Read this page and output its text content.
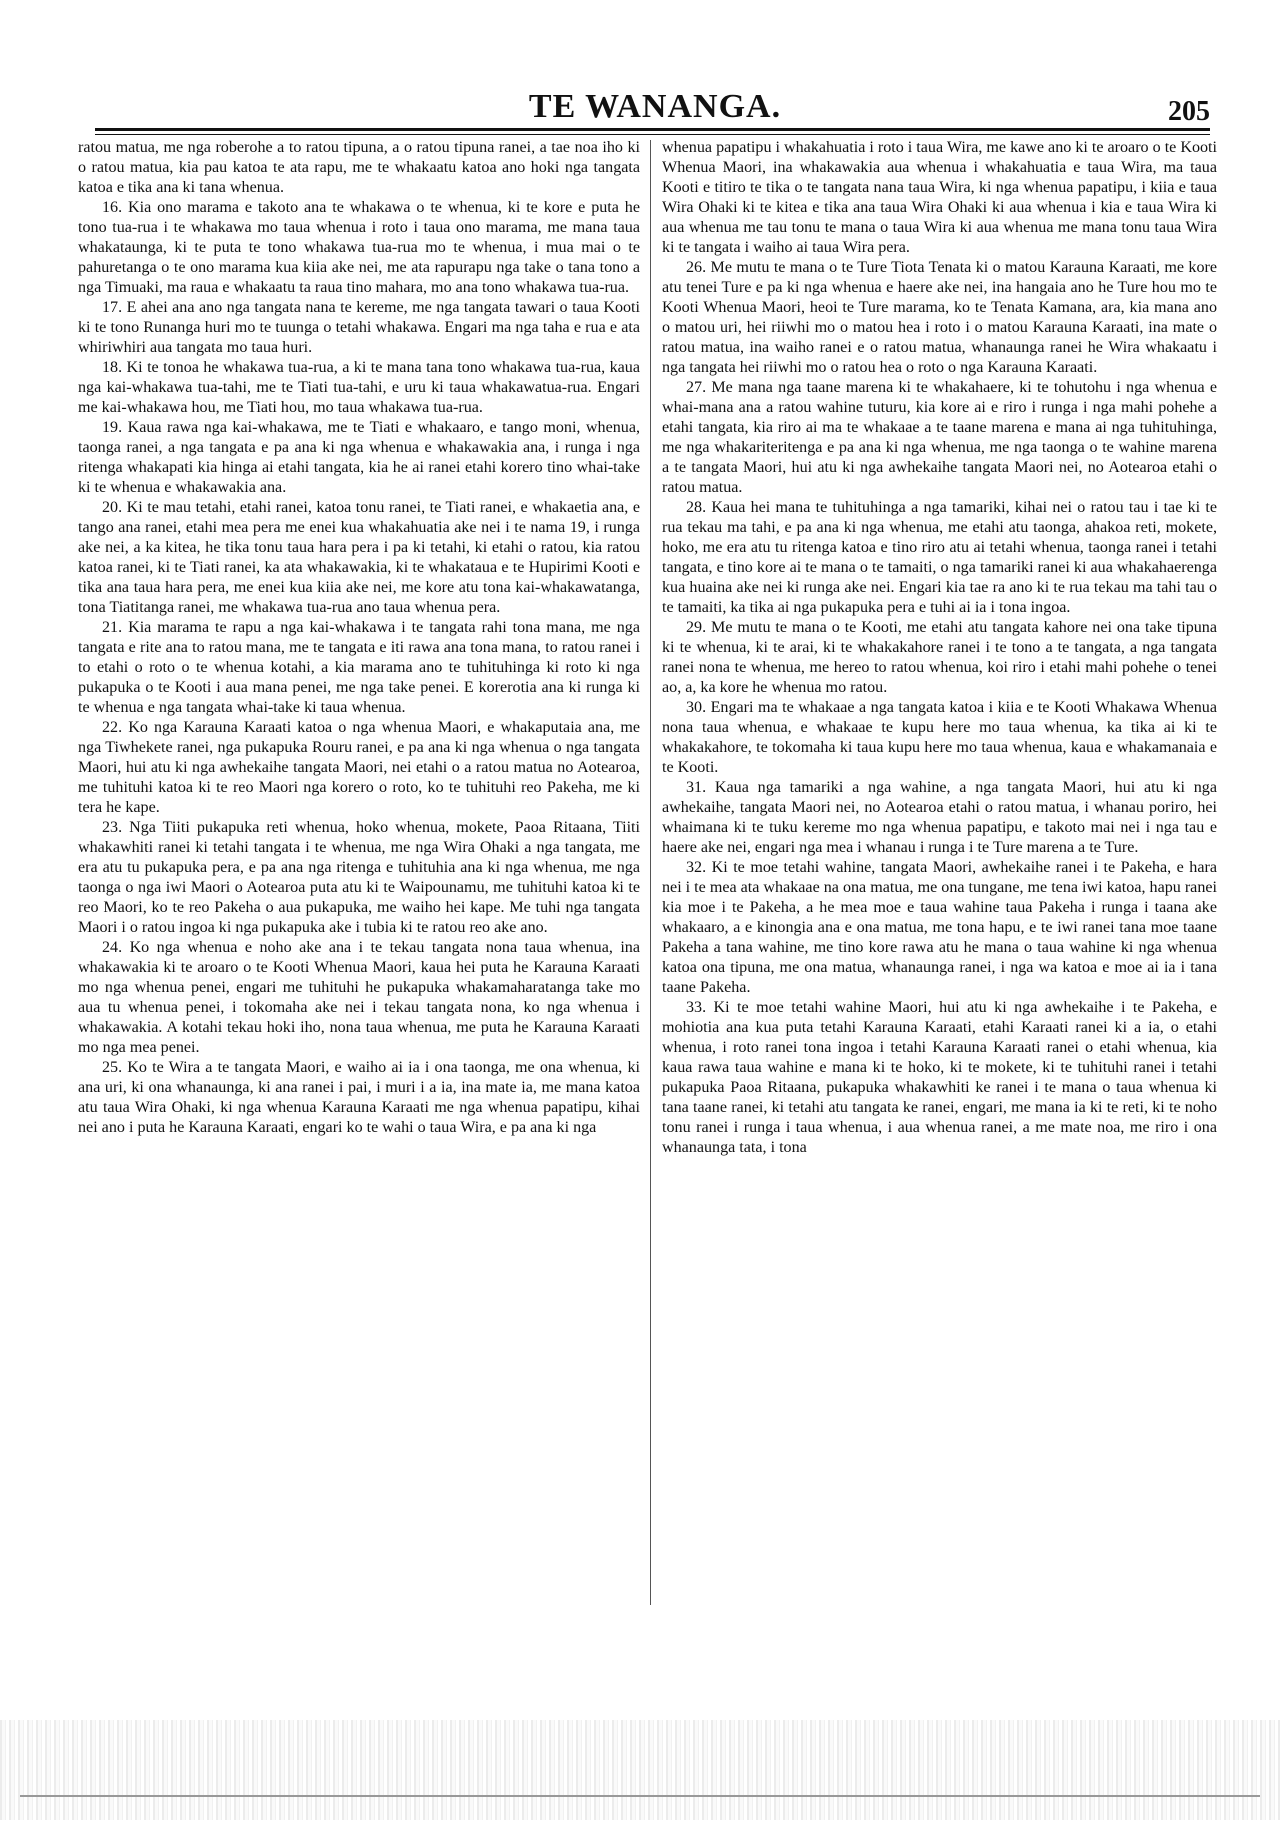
TE WANANGA.	205

ratou matua, me nga roberohe a to ratou tipuna, a o ratou tipuna ranei, a tae noa iho ki o ratou matua, kia pau katoa te ata rapu, me te whakaatu katoa ano hoki nga tangata katoa e tika ana ki tana whenua.

16. Kia ono marama e takoto ana te whakawa o te whenua, ki te kore e puta he tono tua-rua i te whakawa mo taua whenua i roto i taua ono marama, me mana taua whakataunga, ki te puta te tono whakawa tua-rua mo te whenua, i mua mai o te pahuretanga o te ono marama kua kiia ake nei, me ata rapurapu nga take o tana tono a nga Timuaki, ma raua e whakaatu ta raua tino mahara, mo ana tono whakawa tua-rua.

17. E ahei ana ano nga tangata nana te kereme, me nga tangata tawari o taua Kooti ki te tono Runanga huri mo te tuunga o tetahi whakawa. Engari ma nga taha e rua e ata whiriwhiri aua tangata mo taua huri.

18. Ki te tonoa he whakawa tua-rua, a ki te mana tana tono whakawa tua-rua, kaua nga kai-whakawa tua-tahi, me te Tiati tua-tahi, e uru ki taua whakawatua-rua. Engari me kai-whakawa hou, me Tiati hou, mo taua whakawa tua-rua.

19. Kaua rawa nga kai-whakawa, me te Tiati e whakaaro, e tango moni, whenua, taonga ranei, a nga tangata e pa ana ki nga whenua e whakawakia ana, i runga i nga ritenga whakapati kia hinga ai etahi tangata, kia he ai ranei etahi korero tino whai-take ki te whenua e whakawakia ana.

20. Ki te mau tetahi, etahi ranei, katoa tonu ranei, te Tiati ranei, e whakaetia ana, e tango ana ranei, etahi mea pera me enei kua whakahuatia ake nei i te nama 19, i runga ake nei, a ka kitea, he tika tonu taua hara pera i pa ki tetahi, ki etahi o ratou, kia ratou katoa ranei, ki te Tiati ranei, ka ata whakawakia, ki te whakataua e te Hupirimi Kooti e tika ana taua hara pera, me enei kua kiia ake nei, me kore atu tona kai-whakawatanga, tona Tiatitanga ranei, me whakawa tua-rua ano taua whenua pera.

21. Kia marama te rapu a nga kai-whakawa i te tangata rahi tona mana, me nga tangata e rite ana to ratou mana, me te tangata e iti rawa ana tona mana, to ratou ranei i to etahi o roto o te whenua kotahi, a kia marama ano te tuhituhinga ki roto ki nga pukapuka o te Kooti i aua mana penei, me nga take penei. E korerotia ana ki runga ki te whenua e nga tangata whai-take ki taua whenua.

22. Ko nga Karauna Karaati katoa o nga whenua Maori, e whakaputaia ana, me nga Tiwhekete ranei, nga pukapuka Rouru ranei, e pa ana ki nga whenua o nga tangata Maori, hui atu ki nga awhekaihe tangata Maori, nei etahi o a ratou matua no Aotearoa, me tuhituhi katoa ki te reo Maori nga korero o roto, ko te tuhituhi reo Pakeha, me ki tera he kape.

23. Nga Tiiti pukapuka reti whenua, hoko whenua, mokete, Paoa Ritaana, Tiiti whakawhiti ranei ki tetahi tangata i te whenua, me nga Wira Ohaki a nga tangata, me era atu tu pukapuka pera, e pa ana nga ritenga e tuhituhia ana ki nga whenua, me nga taonga o nga iwi Maori o Aotearoa puta atu ki te Waipounamu, me tuhituhi katoa ki te reo Maori, ko te reo Pakeha o aua pukapuka, me waiho hei kape. Me tuhi nga tangata Maori i o ratou ingoa ki nga pukapuka ake i tubia ki te ratou reo ake ano.

24. Ko nga whenua e noho ake ana i te tekau tangata nona taua whenua, ina whakawakia ki te aroaro o te Kooti Whenua Maori, kaua hei puta he Karauna Karaati mo nga whenua penei, engari me tuhituhi he pukapuka whakamaharatanga take mo aua tu whenua penei, i tokomaha ake nei i tekau tangata nona, ko nga whenua i whakawakia. A kotahi tekau hoki iho, nona taua whenua, me puta he Karauna Karaati mo nga mea penei.

25. Ko te Wira a te tangata Maori, e waiho ai ia i ona taonga, me ona whenua, ki ana uri, ki ona whanaunga, ki ana ranei i pai, i muri i a ia, ina mate ia, me mana katoa atu taua Wira Ohaki, ki nga whenua Karauna Karaati me nga whenua papatipu, kihai nei ano i puta he Karauna Karaati, engari ko te wahi o taua Wira, e pa ana ki nga

whenua papatipu i whakahuatia i roto i taua Wira, me kawe ano ki te aroaro o te Kooti Whenua Maori, ina whakawakia aua whenua i whakahuatia e taua Wira, ma taua Kooti e titiro te tika o te tangata nana taua Wira, ki nga whenua papatipu, i kiia e taua Wira Ohaki ki te kitea e tika ana taua Wira Ohaki ki aua whenua i kia e taua Wira ki aua whenua me tau tonu te mana o taua Wira ki aua whenua me mana tonu taua Wira ki te tangata i waiho ai taua Wira pera.

26. Me mutu te mana o te Ture Tiota Tenata ki o matou Karauna Karaati, me kore atu tenei Ture e pa ki nga whenua e haere ake nei, ina hangaia ano he Ture hou mo te Kooti Whenua Maori, heoi te Ture marama, ko te Tenata Kamana, ara, kia mana ano o matou uri, hei riiwhi mo o matou hea i roto i o matou Karauna Karaati, ina mate o ratou matua, ina waiho ranei e o ratou matua, whanaunga ranei he Wira whakaatu i nga tangata hei riiwhi mo o ratou hea o roto o nga Karauna Karaati.

27. Me mana nga taane marena ki te whakahaere, ki te tohutohu i nga whenua e whai-mana ana a ratou wahine tuturu, kia kore ai e riro i runga i nga mahi pohehe a etahi tangata, kia riro ai ma te whakaae a te taane marena e mana ai nga tuhituhinga, me nga whakariteritenga e pa ana ki nga whenua, me nga taonga o te wahine marena a te tangata Maori, hui atu ki nga awhekaihe tangata Maori nei, no Aotearoa etahi o ratou matua.

28. Kaua hei mana te tuhituhinga a nga tamariki, kihai nei o ratou tau i tae ki te rua tekau ma tahi, e pa ana ki nga whenua, me etahi atu taonga, ahakoa reti, mokete, hoko, me era atu tu ritenga katoa e tino riro atu ai tetahi whenua, taonga ranei i tetahi tangata, e tino kore ai te mana o te tamaiti, o nga tamariki ranei ki aua whakahaerenga kua huaina ake nei ki runga ake nei. Engari kia tae ra ano ki te rua tekau ma tahi tau o te tamaiti, ka tika ai nga pukapuka pera e tuhi ai ia i tona ingoa.

29. Me mutu te mana o te Kooti, me etahi atu tangata kahore nei ona take tipuna ki te whenua, ki te arai, ki te whakakahore ranei i te tono a te tangata, a nga tangata ranei nona te whenua, me hereo to ratou whenua, koi riro i etahi mahi pohehe o tenei ao, a, ka kore he whenua mo ratou.

30. Engari ma te whakaae a nga tangata katoa i kiia e te Kooti Whakawa Whenua nona taua whenua, e whakaae te kupu here mo taua whenua, ka tika ai ki te whakakahore, te tokomaha ki taua kupu here mo taua whenua, kaua e whakamanaia e te Kooti.

31. Kaua nga tamariki a nga wahine, a nga tangata Maori, hui atu ki nga awhekaihe, tangata Maori nei, no Aotearoa etahi o ratou matua, i whanau poriro, hei whaimana ki te tuku kereme mo nga whenua papatipu, e takoto mai nei i nga tau e haere ake nei, engari nga mea i whanau i runga i te Ture marena a te Ture.

32. Ki te moe tetahi wahine, tangata Maori, awhekaihe ranei i te Pakeha, e hara nei i te mea ata whakaae na ona matua, me ona tungane, me tena iwi katoa, hapu ranei kia moe i te Pakeha, a he mea moe e taua wahine taua Pakeha i runga i taana ake whakaaro, a e kinongia ana e ona matua, me tona hapu, e te iwi ranei tana moe taane Pakeha a tana wahine, me tino kore rawa atu he mana o taua wahine ki nga whenua katoa ona tipuna, me ona matua, whanaunga ranei, i nga wa katoa e moe ai ia i tana taane Pakeha.

33. Ki te moe tetahi wahine Maori, hui atu ki nga awhekaihe i te Pakeha, e mohiotia ana kua puta tetahi Karauna Karaati, etahi Karaati ranei ki a ia, o etahi whenua, i roto ranei tona ingoa i tetahi Karauna Karaati ranei o etahi whenua, kia kaua rawa taua wahine e mana ki te hoko, ki te mokete, ki te tuhituhi ranei i tetahi pukapuka Paoa Ritaana, pukapuka whakawhiti ke ranei i te mana o taua whenua ki tana taane ranei, ki tetahi atu tangata ke ranei, engari, me mana ia ki te reti, ki te noho tonu ranei i runga i taua whenua, i aua whenua ranei, a me mate noa, me riro i ona whanaunga tata, i tona
